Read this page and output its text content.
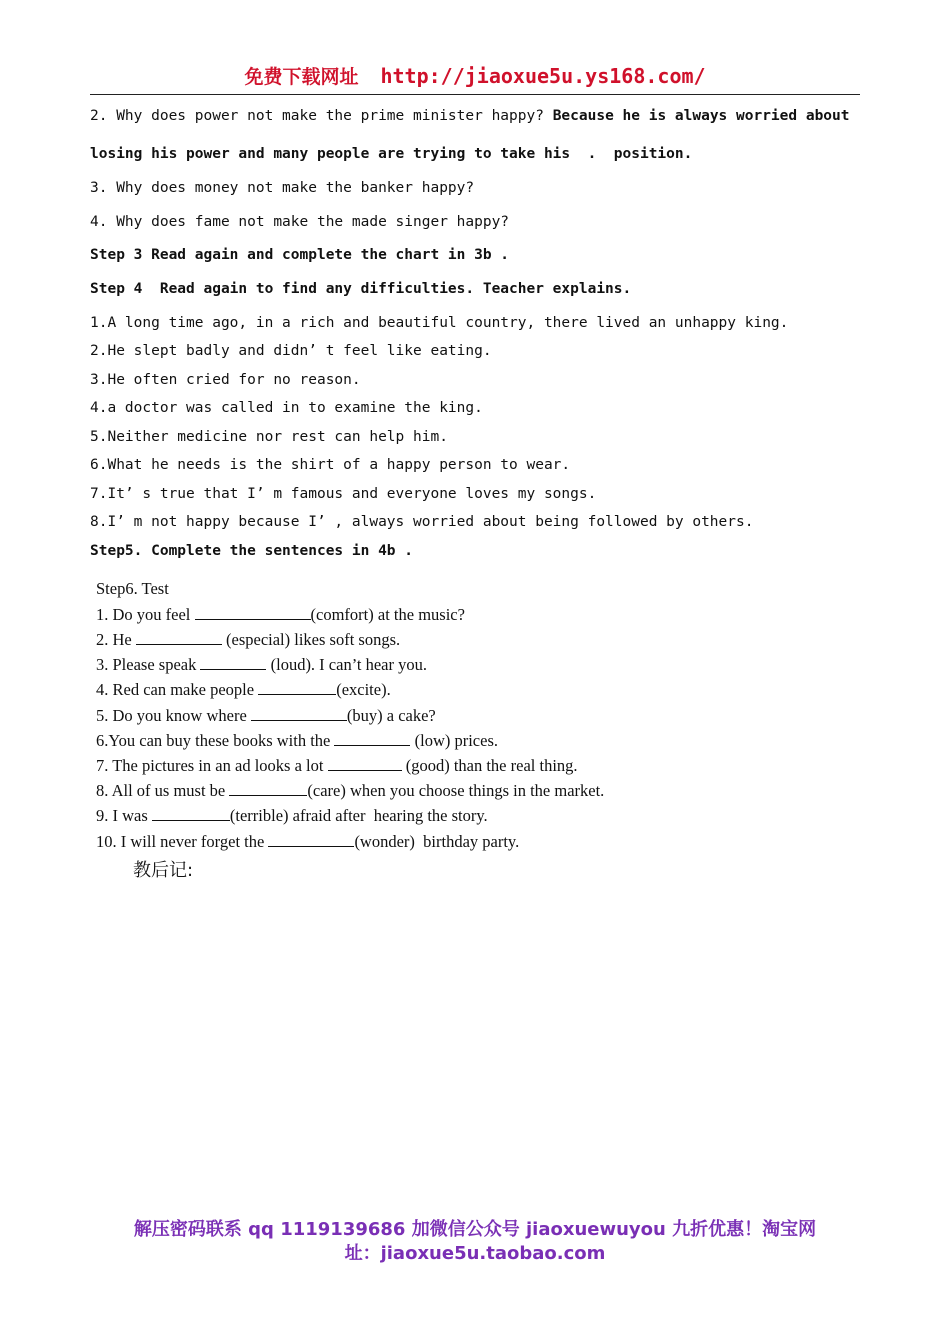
免费下载网址 http://jiaoxue5u.ys168.com/
2. Why does power not make the prime minister happy? Because he is always worried about
losing his power and many people are trying to take his  .  position.
3. Why does money not make the banker happy?
4. Why does fame not make the made singer happy?
Step 3 Read again and complete the chart in 3b .
Step 4  Read again to find any difficulties. Teacher explains.
1.A long time ago, in a rich and beautiful country, there lived an unhappy king.
2.He slept badly and didn’ t feel like eating.
3.He often cried for no reason.
4.a doctor was called in to examine the king.
5.Neither medicine nor rest can help him.
6.What he needs is the shirt of a happy person to wear.
7.It’ s true that I’ m famous and everyone loves my songs.
8.I’ m not happy because I’ , always worried about being followed by others.
Step5. Complete the sentences in 4b .
Step6. Test
1. Do you feel	(comfort) at the music?
2. He	(especial) likes soft songs.
3. Please speak	(loud). I can’t hear you.
4. Red can make people	(excite).
5. Do you know where	(buy) a cake?
6.You can buy these books with the	(low) prices.
7. The pictures in an ad looks a lot	(good) than the real thing.
8. All of us must be	(care) when you choose things in the market.
9. I was	(terrible) afraid after  hearing the story.
10. I will never forget the	(wonder)  birthday party.
教后记:
解压密码联系 qq 1119139686 加微信公众号 jiaoxuewuyou 九折优惠！淘宝网
址：jiaoxue5u.taobao.com
